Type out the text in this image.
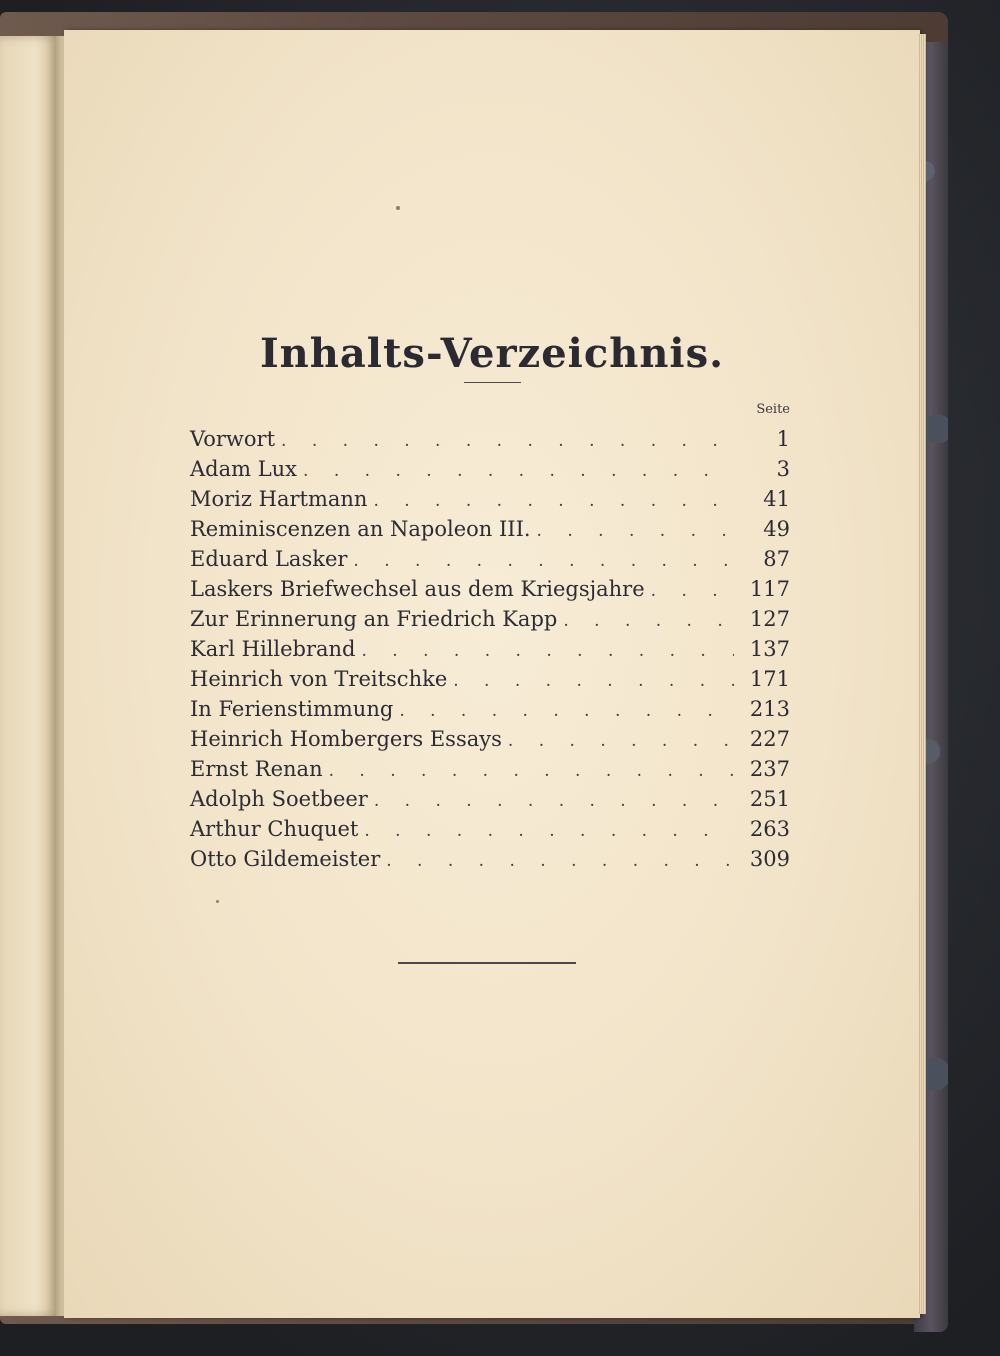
Inhalts-Verzeichnis.
Seite
Vorwort . . .	1
Adam Lux . . .	3
Moriz Hartmann . . .	41
Reminiscenzen an Napoleon III. . . .	49
Eduard Lasker . . .	87
Laskers Briefwechsel aus dem Kriegsjahre . . .	117
Zur Erinnerung an Friedrich Kapp . . .	127
Karl Hillebrand . . .	137
Heinrich von Treitschke . . .	171
In Ferienstimmung . . .	213
Heinrich Hombergers Essays . . .	227
Ernst Renan . . .	237
Adolph Soetbeer . . .	251
Arthur Chuquet . . .	263
Otto Gildemeister . . .	309
